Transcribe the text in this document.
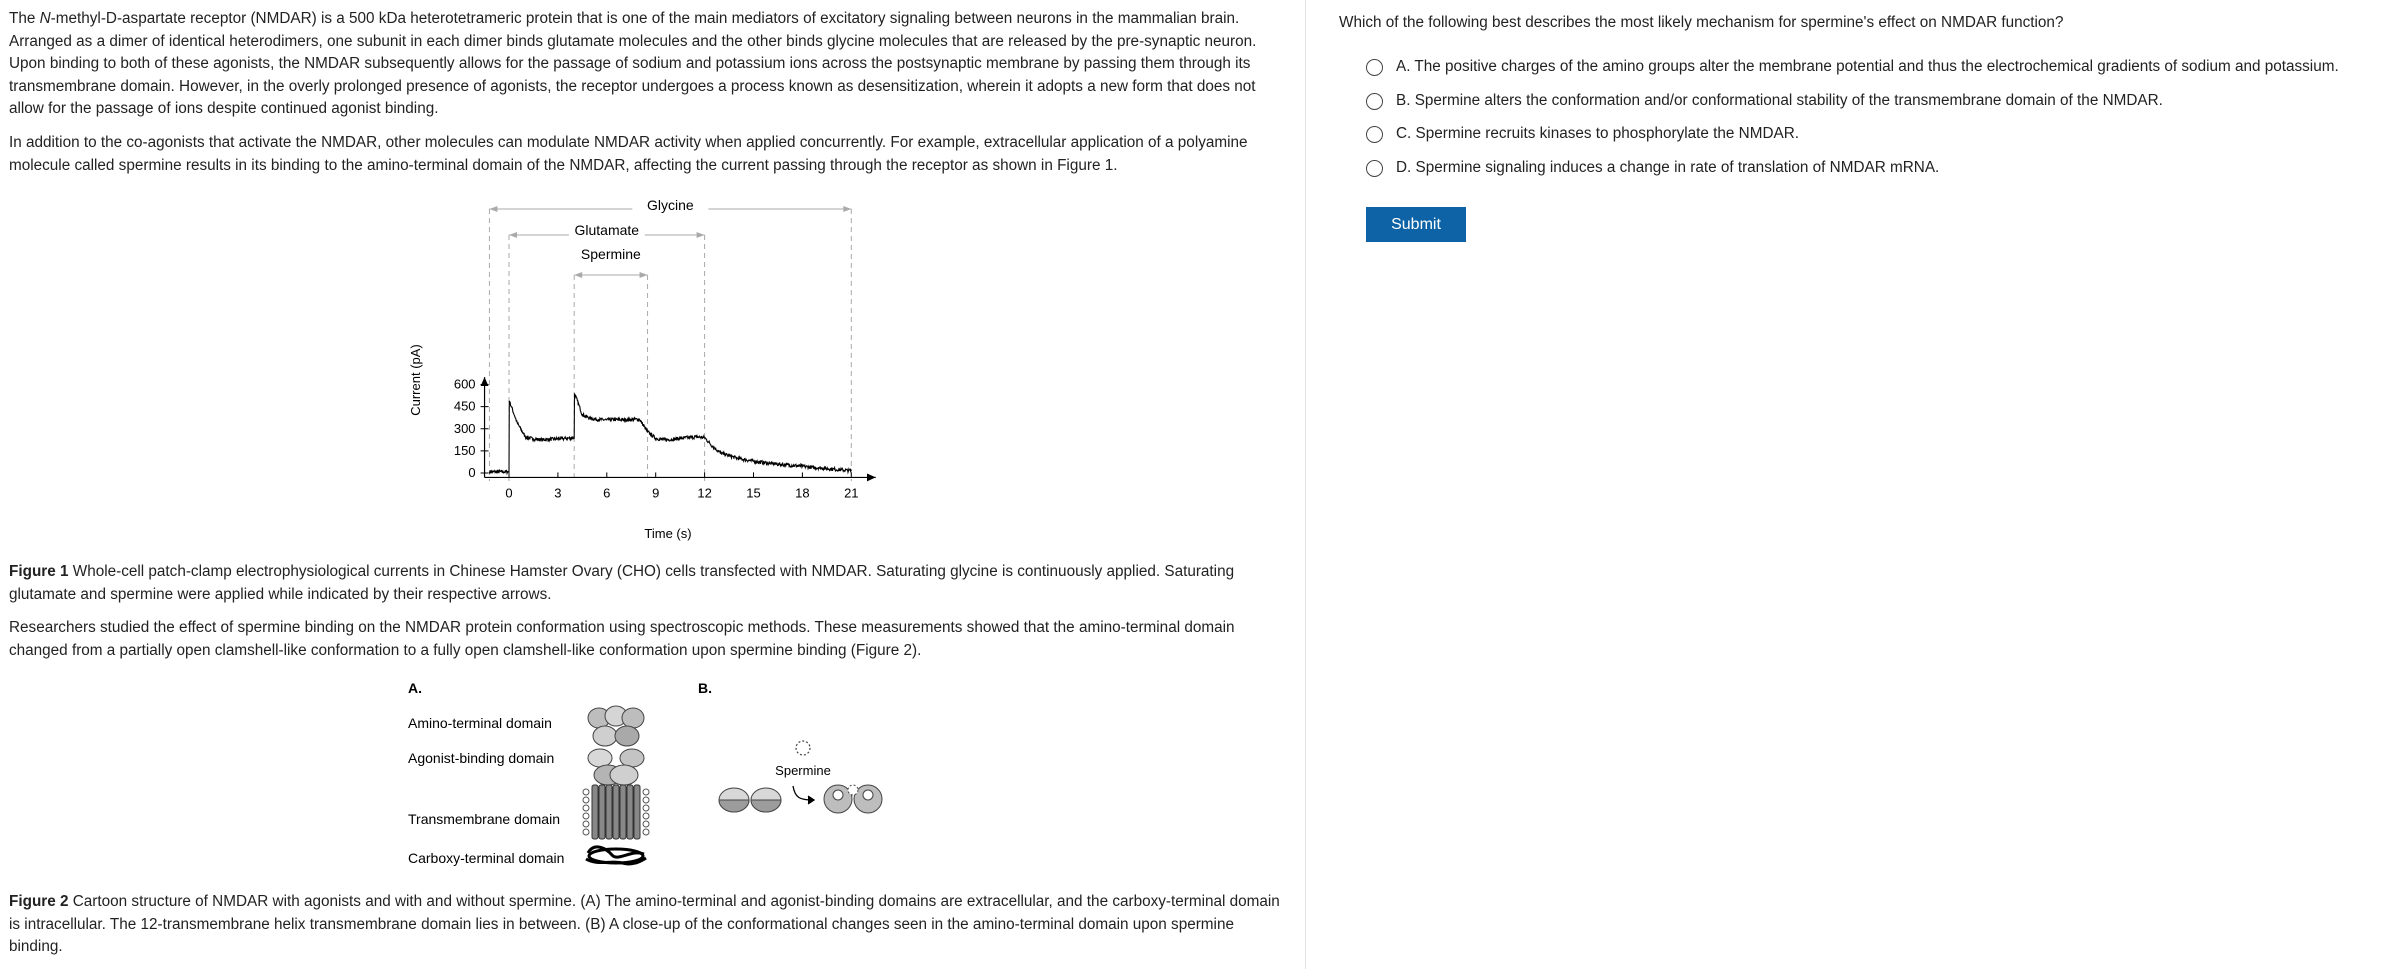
The N-methyl-D-aspartate receptor (NMDAR) is a 500 kDa heterotetrameric protein that is one of the main mediators of excitatory signaling between neurons in the mammalian brain. Arranged as a dimer of identical heterodimers, one subunit in each dimer binds glutamate molecules and the other binds glycine molecules that are released by the pre-synaptic neuron. Upon binding to both of these agonists, the NMDAR subsequently allows for the passage of sodium and potassium ions across the postsynaptic membrane by passing them through its transmembrane domain. However, in the overly prolonged presence of agonists, the receptor undergoes a process known as desensitization, wherein it adopts a new form that does not allow for the passage of ions despite continued agonist binding.

In addition to the co-agonists that activate the NMDAR, other molecules can modulate NMDAR activity when applied concurrently. For example, extracellular application of a polyamine molecule called spermine results in its binding to the amino-terminal domain of the NMDAR, affecting the current passing through the receptor as shown in Figure 1.

Glycine
Glutamate
Spermine
0	3	6	9	12	15	18	21
0
150
300
450
600
Time (s)
Current (pA)

Figure 1 Whole-cell patch-clamp electrophysiological currents in Chinese Hamster Ovary (CHO) cells transfected with NMDAR. Saturating glycine is continuously applied. Saturating glutamate and spermine were applied while indicated by their respective arrows.

Researchers studied the effect of spermine binding on the NMDAR protein conformation using spectroscopic methods. These measurements showed that the amino-terminal domain changed from a partially open clamshell-like conformation to a fully open clamshell-like conformation upon spermine binding (Figure 2).

A.	B.
Amino-terminal domain
Agonist-binding domain
Transmembrane domain
Carboxy-terminal domain
Spermine

Figure 2 Cartoon structure of NMDAR with agonists and with and without spermine. (A) The amino-terminal and agonist-binding domains are extracellular, and the carboxy-terminal domain is intracellular. The 12-transmembrane helix transmembrane domain lies in between. (B) A close-up of the conformational changes seen in the amino-terminal domain upon spermine binding.

Which of the following best describes the most likely mechanism for spermine's effect on NMDAR function?
A. The positive charges of the amino groups alter the membrane potential and thus the electrochemical gradients of sodium and potassium.
B. Spermine alters the conformation and/or conformational stability of the transmembrane domain of the NMDAR.
C. Spermine recruits kinases to phosphorylate the NMDAR.
D. Spermine signaling induces a change in rate of translation of NMDAR mRNA.
Submit
